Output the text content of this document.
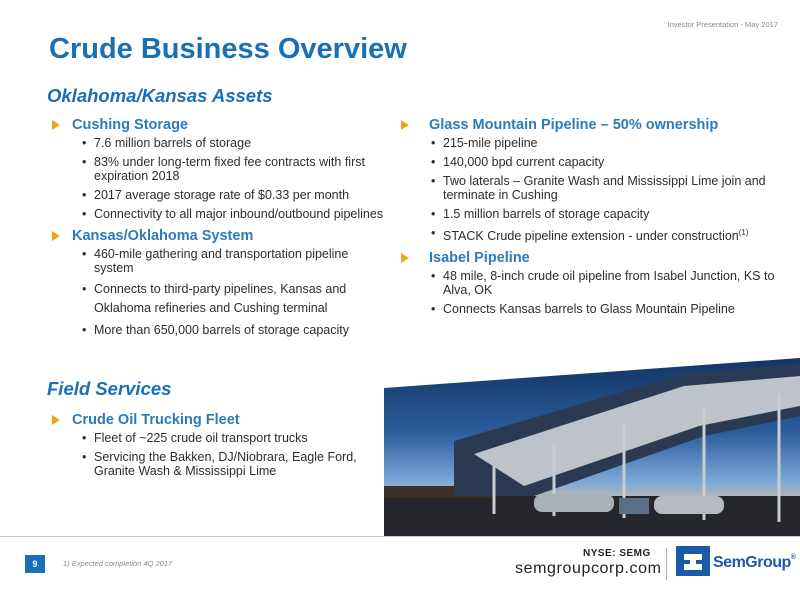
Investor Presentation - May 2017
Crude Business Overview
Oklahoma/Kansas Assets
Cushing Storage
• 7.6 million barrels of storage
• 83% under long-term fixed fee contracts with first expiration 2018
• 2017 average storage rate of $0.33 per month
• Connectivity to all major inbound/outbound pipelines
Kansas/Oklahoma System
• 460-mile gathering and transportation pipeline system
• Connects to third-party pipelines, Kansas and Oklahoma refineries and Cushing terminal
• More than 650,000 barrels of storage capacity
Glass Mountain Pipeline – 50% ownership
• 215-mile pipeline
• 140,000 bpd current capacity
• Two laterals – Granite Wash and Mississippi Lime join and terminate in Cushing
• 1.5 million barrels of storage capacity
• STACK Crude pipeline extension - under construction$^{(1)}$
Isabel Pipeline
• 48 mile, 8-inch crude oil pipeline from Isabel Junction, KS to Alva, OK
• Connects Kansas barrels to Glass Mountain Pipeline
Field Services
Crude Oil Trucking Fleet
• Fleet of ~225 crude oil transport trucks
• Servicing the Bakken, DJ/Niobrara, Eagle Ford, Granite Wash & Mississippi Lime
9	1) Expected completion 4Q 2017
NYSE: SEMG
semgroupcorp.com	SemGroup®
